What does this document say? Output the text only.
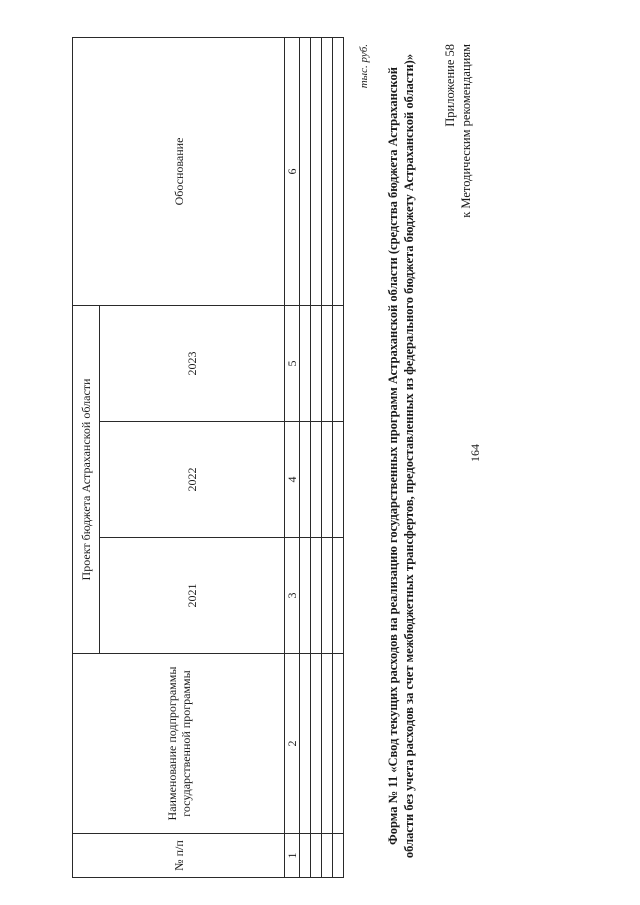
164
Приложение 58 к Методическим рекомендациям
Форма № 11 «Свод текущих расходов на реализацию государственных программ Астраханской области (средства бюджета Астраханской области без учета расходов за счет межбюджетных трансфертов, предоставленных из федерального бюджета бюджету Астраханской области)»
тыс. руб.
№ п/п	Наименование подпрограммы государственной программы	Проект бюджета Астраханской области			Обоснование
		2021	2022	2023	
1	2	3	4	5	6
